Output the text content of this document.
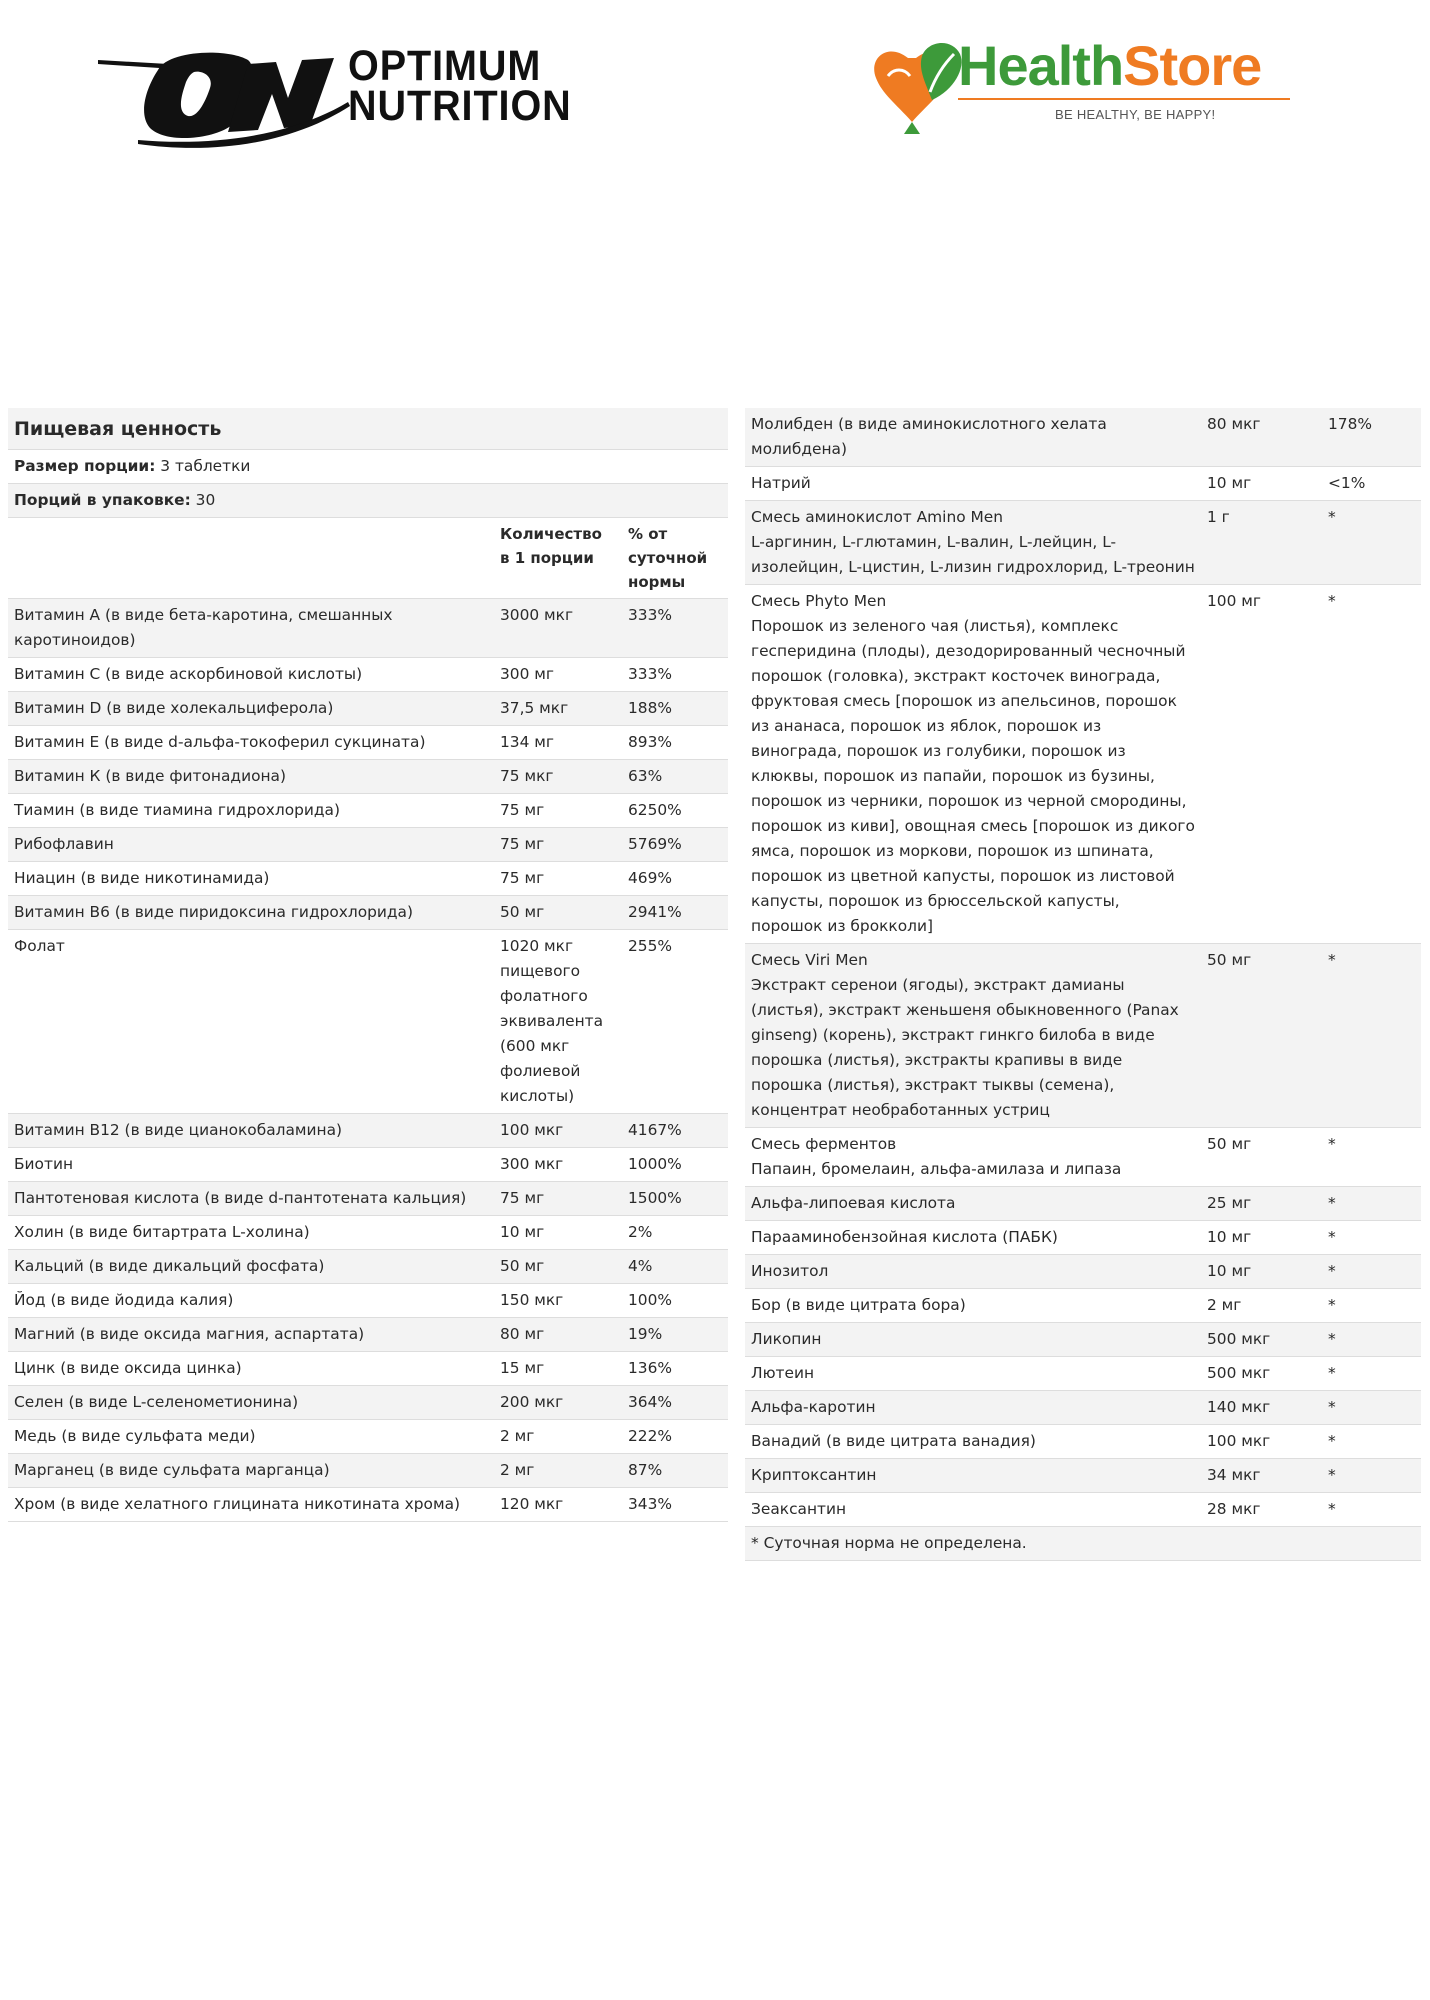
OPTIMUM
NUTRITION
HealthStore
BE HEALTHY, BE HAPPY!
Пищевая ценность		
Размер порции: 3 таблетки		
Порций в упаковке: 30		
	Количество в 1 порции	% от суточной нормы
Витамин А (в виде бета-каротина, смешанных каротиноидов)	3000 мкг	333%
Витамин С (в виде аскорбиновой кислоты)	300 мг	333%
Витамин D (в виде холекальциферола)	37,5 мкг	188%
Витамин Е (в виде d-альфа-токоферил сукцината)	134 мг	893%
Витамин К (в виде фитонадиона)	75 мкг	63%
Тиамин (в виде тиамина гидрохлорида)	75 мг	6250%
Рибофлавин	75 мг	5769%
Ниацин (в виде никотинамида)	75 мг	469%
Витамин В6 (в виде пиридоксина гидрохлорида)	50 мг	2941%
Фолат	1020 мкг пищевого фолатного эквивалента (600 мкг фолиевой кислоты)	255%
Витамин В12 (в виде цианокобаламина)	100 мкг	4167%
Биотин	300 мкг	1000%
Пантотеновая кислота (в виде d-пантотената кальция)	75 мг	1500%
Холин (в виде битартрата L-холина)	10 мг	2%
Кальций (в виде дикальций фосфата)	50 мг	4%
Йод (в виде йодида калия)	150 мкг	100%
Магний (в виде оксида магния, аспартата)	80 мг	19%
Цинк (в виде оксида цинка)	15 мг	136%
Селен (в виде L-селенометионина)	200 мкг	364%
Медь (в виде сульфата меди)	2 мг	222%
Марганец (в виде сульфата марганца)	2 мг	87%
Хром (в виде хелатного глицината никотината хрома)	120 мкг	343%
Молибден (в виде аминокислотного хелата молибдена)	80 мкг	178%
Натрий	10 мг	<1%
Смесь аминокислот Amino Men
L-аргинин, L-глютамин, L-валин, L-лейцин, L-изолейцин, L-цистин, L-лизин гидрохлорид, L-треонин	1 г	*
Смесь Phyto Men
Порошок из зеленого чая (листья), комплекс гесперидина (плоды), дезодорированный чесночный порошок (головка), экстракт косточек винограда, фруктовая смесь [порошок из апельсинов, порошок из ананаса, порошок из яблок, порошок из винограда, порошок из голубики, порошок из клюквы, порошок из папайи, порошок из бузины, порошок из черники, порошок из черной смородины, порошок из киви], овощная смесь [порошок из дикого ямса, порошок из моркови, порошок из шпината, порошок из цветной капусты, порошок из листовой капусты, порошок из брюссельской капусты, порошок из брокколи]	100 мг	*
Смесь Viri Men
Экстракт серенои (ягоды), экстракт дамианы (листья), экстракт женьшеня обыкновенного (Panax ginseng) (корень), экстракт гинкго билоба в виде порошка (листья), экстракты крапивы в виде порошка (листья), экстракт тыквы (семена), концентрат необработанных устриц	50 мг	*
Смесь ферментов
Папаин, бромелаин, альфа-амилаза и липаза	50 мг	*
Альфа-липоевая кислота	25 мг	*
Парааминобензойная кислота (ПАБК)	10 мг	*
Инозитол	10 мг	*
Бор (в виде цитрата бора)	2 мг	*
Ликопин	500 мкг	*
Лютеин	500 мкг	*
Альфа-каротин	140 мкг	*
Ванадий (в виде цитрата ванадия)	100 мкг	*
Криптоксантин	34 мкг	*
Зеаксантин	28 мкг	*
* Суточная норма не определена.		
